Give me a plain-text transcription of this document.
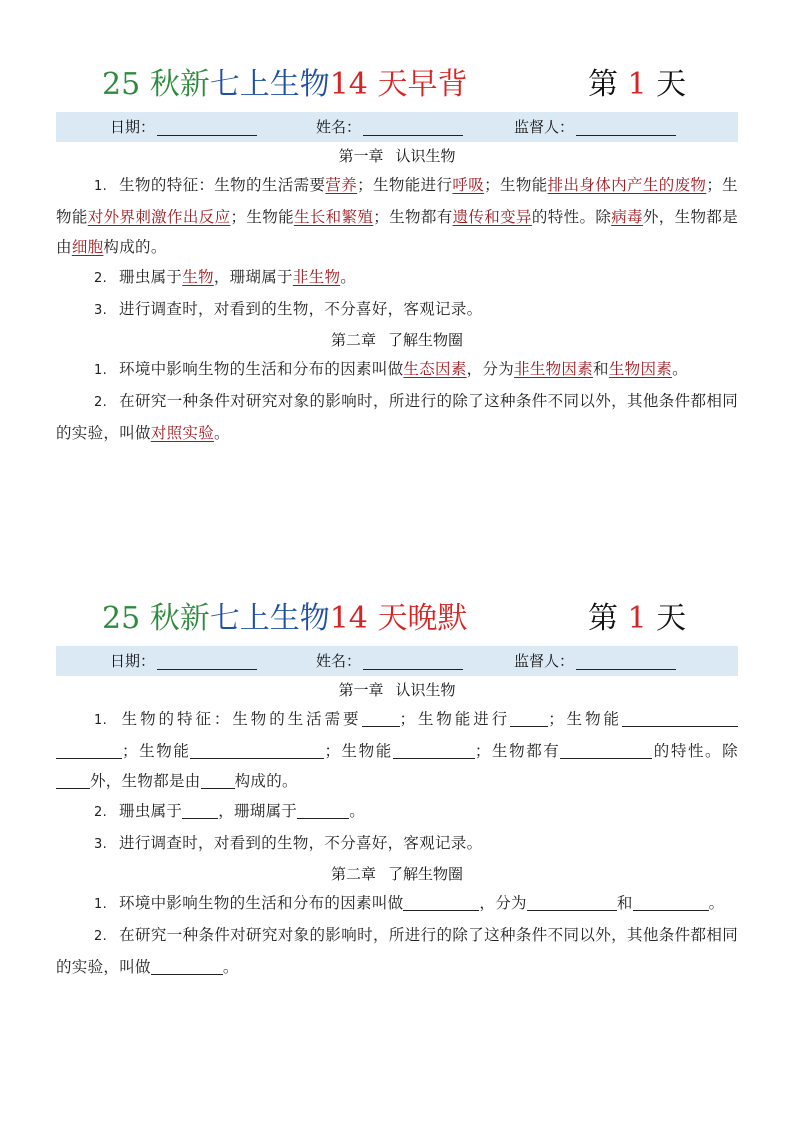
25 秋新七上生物14 天早背	第 1 天
日期：	姓名：	监督人：
第一章 认识生物
1. 生物的特征：生物的生活需要营养；生物能进行呼吸；生物能排出身体内产生的废物；生物能对外界刺激作出反应；生物能生长和繁殖；生物都有遗传和变异的特性。除病毒外，生物都是由细胞构成的。
2. 珊虫属于生物，珊瑚属于非生物。
3. 进行调查时，对看到的生物，不分喜好，客观记录。
第二章 了解生物圈
1. 环境中影响生物的生活和分布的因素叫做生态因素，分为非生物因素和生物因素。
2. 在研究一种条件对研究对象的影响时，所进行的除了这种条件不同以外，其他条件都相同的实验，叫做对照实验。
25 秋新七上生物14 天晚默	第 1 天
日期：	姓名：	监督人：
第一章 认识生物
1. 生物的特征：生物的生活需要 ；生物能进行 ；生物能；生物能	；生物能	；生物都有	的特性。除外，生物都是由 构成的。
2. 珊虫属于 ，珊瑚属于	。
3. 进行调查时，对看到的生物，不分喜好，客观记录。
第二章 了解生物圈
1. 环境中影响生物的生活和分布的因素叫做	，分为	和	。
2. 在研究一种条件对研究对象的影响时，所进行的除了这种条件不同以外，其他条件都相同的实验，叫做	。
